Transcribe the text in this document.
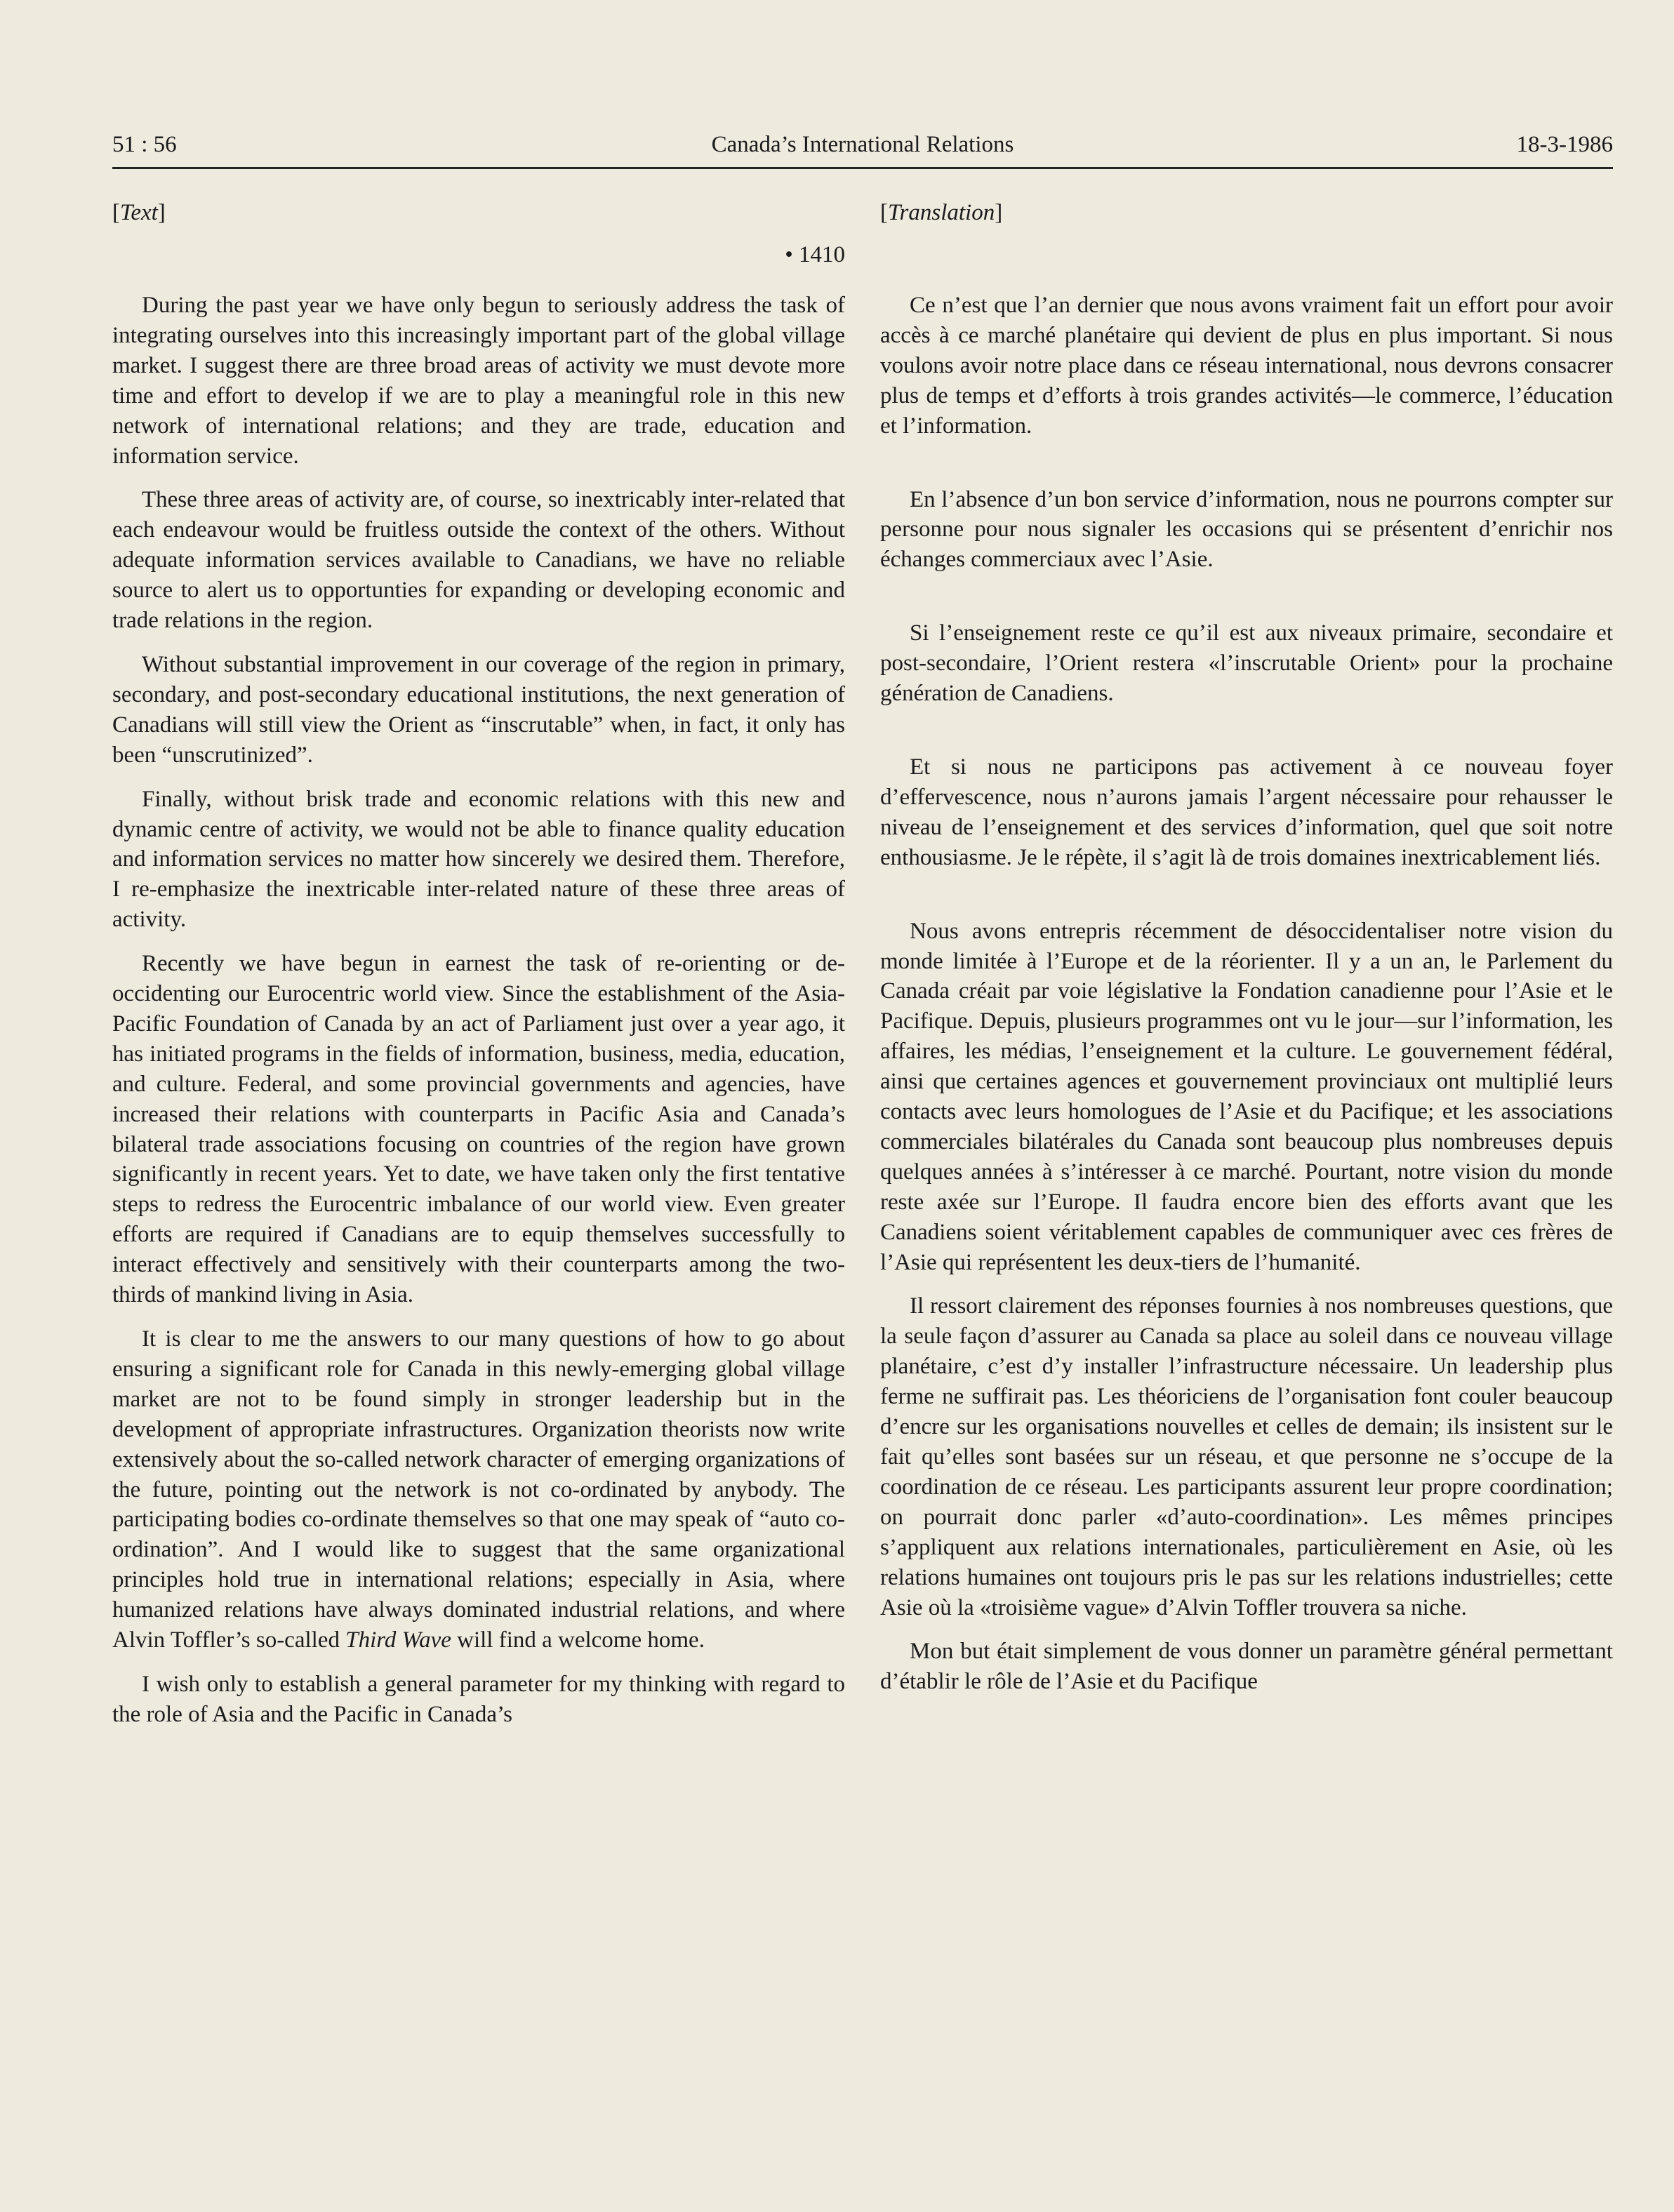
51 : 56	Canada’s International Relations	18-3-1986
[Text]
• 1410

During the past year we have only begun to seriously address the task of integrating ourselves into this increasingly important part of the global village market. I suggest there are three broad areas of activity we must devote more time and effort to develop if we are to play a meaningful role in this new network of international relations; and they are trade, education and information service.

These three areas of activity are, of course, so inextricably inter-related that each endeavour would be fruitless outside the context of the others. Without adequate information services available to Canadians, we have no reliable source to alert us to opportunties for expanding or developing economic and trade relations in the region.

Without substantial improvement in our coverage of the region in primary, secondary, and post-secondary educational institutions, the next generation of Canadians will still view the Orient as “inscrutable” when, in fact, it only has been “unscrutinized”.

Finally, without brisk trade and economic relations with this new and dynamic centre of activity, we would not be able to finance quality education and information services no matter how sincerely we desired them. Therefore, I re-emphasize the inextricable inter-related nature of these three areas of activity.

Recently we have begun in earnest the task of re-orienting or de-occidenting our Eurocentric world view. Since the establishment of the Asia-Pacific Foundation of Canada by an act of Parliament just over a year ago, it has initiated programs in the fields of information, business, media, education, and culture. Federal, and some provincial governments and agencies, have increased their relations with counterparts in Pacific Asia and Canada’s bilateral trade associations focusing on countries of the region have grown significantly in recent years. Yet to date, we have taken only the first tentative steps to redress the Eurocentric imbalance of our world view. Even greater efforts are required if Canadians are to equip themselves successfully to interact effectively and sensitively with their counterparts among the two-thirds of mankind living in Asia.

It is clear to me the answers to our many questions of how to go about ensuring a significant role for Canada in this newly-emerging global village market are not to be found simply in stronger leadership but in the development of appropriate infrastructures. Organization theorists now write extensively about the so-called network character of emerging organizations of the future, pointing out the network is not co-ordinated by anybody. The participating bodies co-ordinate themselves so that one may speak of “auto co-ordination”. And I would like to suggest that the same organizational principles hold true in international relations; especially in Asia, where humanized relations have always dominated industrial relations, and where Alvin Toffler’s so-called Third Wave will find a welcome home.

I wish only to establish a general parameter for my thinking with regard to the role of Asia and the Pacific in Canada’s

[Translation]

Ce n’est que l’an dernier que nous avons vraiment fait un effort pour avoir accès à ce marché planétaire qui devient de plus en plus important. Si nous voulons avoir notre place dans ce réseau international, nous devrons consacrer plus de temps et d’efforts à trois grandes activités—le commerce, l’éducation et l’information.

En l’absence d’un bon service d’information, nous ne pourrons compter sur personne pour nous signaler les occasions qui se présentent d’enrichir nos échanges commerciaux avec l’Asie.

Si l’enseignement reste ce qu’il est aux niveaux primaire, secondaire et post-secondaire, l’Orient restera «l’inscrutable Orient» pour la prochaine génération de Canadiens.

Et si nous ne participons pas activement à ce nouveau foyer d’effervescence, nous n’aurons jamais l’argent nécessaire pour rehausser le niveau de l’enseignement et des services d’information, quel que soit notre enthousiasme. Je le répète, il s’agit là de trois domaines inextricablement liés.

Nous avons entrepris récemment de désoccidentaliser notre vision du monde limitée à l’Europe et de la réorienter. Il y a un an, le Parlement du Canada créait par voie législative la Fondation canadienne pour l’Asie et le Pacifique. Depuis, plusieurs programmes ont vu le jour—sur l’information, les affaires, les médias, l’enseignement et la culture. Le gouvernement fédéral, ainsi que certaines agences et gouvernement provinciaux ont multiplié leurs contacts avec leurs homologues de l’Asie et du Pacifique; et les associations commerciales bilatérales du Canada sont beaucoup plus nombreuses depuis quelques années à s’intéresser à ce marché. Pourtant, notre vision du monde reste axée sur l’Europe. Il faudra encore bien des efforts avant que les Canadiens soient véritablement capables de communiquer avec ces frères de l’Asie qui représentent les deux-tiers de l’humanité.

Il ressort clairement des réponses fournies à nos nombreuses questions, que la seule façon d’assurer au Canada sa place au soleil dans ce nouveau village planétaire, c’est d’y installer l’infrastructure nécessaire. Un leadership plus ferme ne suffirait pas. Les théoriciens de l’organisation font couler beaucoup d’encre sur les organisations nouvelles et celles de demain; ils insistent sur le fait qu’elles sont basées sur un réseau, et que personne ne s’occupe de la coordination de ce réseau. Les participants assurent leur propre coordination; on pourrait donc parler «d’auto-coordination». Les mêmes principes s’appliquent aux relations internationales, particulièrement en Asie, où les relations humaines ont toujours pris le pas sur les relations industrielles; cette Asie où la «troisième vague» d’Alvin Toffler trouvera sa niche.

Mon but était simplement de vous donner un paramètre général permettant d’établir le rôle de l’Asie et du Pacifique
